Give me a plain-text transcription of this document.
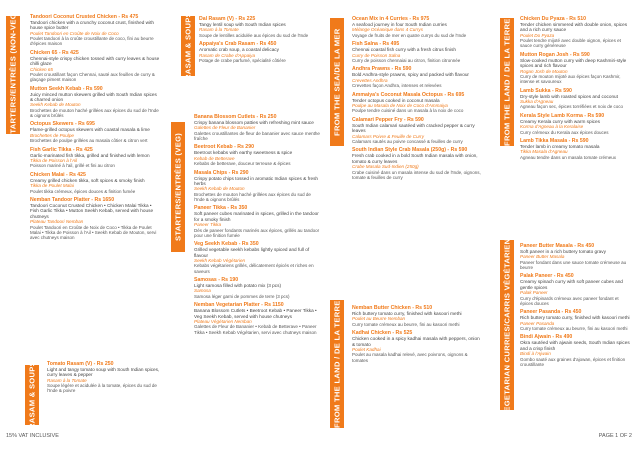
STARTERS/ENTRÉES (NON-VEG)	Tandoori Coconut Crusted Chicken - Rs 475
Tandoori chicken with a crunchy coconut crust, finished with house spice butter
Poulet Tandoori en Croûte de Noix de Coco
Poulet tandoori à la croûte croustillante de coco, fini au beurre d'épices maison
Chicken 65 - Rs 425
Chennai-style crispy chicken tossed with curry leaves & house chilli glaze
Chicken 65
Poulet croustillant façon Chennai, sauté aux feuilles de curry & glaçage piment maison
Mutton Seekh Kebab - Rs 590
Juicy minced mutton skewers grilled with South Indian spices & charred onion
Seekh Kebab de Mouton
Brochettes de mouton haché grillées aux épices du sud de l'Inde & oignons brûlés
Octopus Skewers - Rs 695
Flame-grilled octopus skewers with coastal masala & lime
Brochettes de Poulpe
Brochettes de poulpe grillées au masala côtier & citron vert
Fish Garlic Tikka - Rs 425
Garlic-marinated fish tikka, grilled and finished with lemon
Tikka de Poisson à l'Ail
Poisson mariné à l'ail, grillé et fini au citron
Chicken Malai - Rs 425
Creamy grilled chicken tikka, soft spices & smoky finish
Tikka de Poulet Malai
Poulet tikka crémeux, épices douces & finition fumée
Nemban Tandoor Platter - Rs 1650
Tandoori Coconut Crusted Chicken • Chicken Malai Tikka • Fish Garlic Tikka • Mutton Seekh Kebab, served with house chutneys
Plateau Tandoori Nemban
Poulet Tandoori en Croûte de Noix de Coco • Tikka de Poulet Malai • Tikka de Poisson à l'Ail • Seekh Kebab de Mouton, servi avec chutneys maison
RASAM & SOUPS	Tomato Rasam (V) - Rs 250
Light and tangy tomato soup with South Indian spices, curry leaves & pepper
Rasam à la Tomate
Soupe légère et acidulée à la tomate, épices du sud de l'Inde & poivre
RASAM & SOUPS	Dal Rasam (V) - Rs 225
Tangy lentil soup with South Indian spices
Rasam à la Tomate
Soupe de lentilles acidulée aux épices du sud de l'Inde
Appaiya's Crab Rasam - Rs 450
Aromatic crab soup, a coastal delicacy
Rasam de Crabe d'Appaiya
Potage de crabe parfumé, spécialité côtière
STARTERS/ENTRÉES (VEG)
Banana Blossom Cutlets - Rs 250
Crispy banana blossom patties with refreshing mint sauce
Galettes de Fleur de Bananier
Galettes croustillantes de fleur de bananier avec sauce menthe fraîche
Beetroot Kebab - Rs 290
Beetroot kebabs with earthy sweetness & spice
Kebab de Betterave
Kebabs de betterave, douceur terreuse & épices
Masala Chips - Rs 290
Crispy potato chips tossed in aromatic Indian spices & fresh herbs
Seekh Kebab de Mouton
Brochettes de mouton haché grillées aux épices du sud de l'Inde & oignons brûlés
Paneer Tikka - Rs 350
Soft paneer cubes marinated in spices, grilled in the tandoor for a smoky finish
Paneer Tikka
Dés de paneer fondants marinés aux épices, grillés au tandoor pour une finition fumée
Veg Seekh Kebab - Rs 350
Grilled vegetable seekh kebabs lightly spiced and full of flavour
Seekh Kebab Végétarien
Kebabs végétariens grillés, délicatement épicés et riches en saveurs
Samosas - Rs 190
Light samosa filled with potato mix (3 pcs)
Samosa
Samosa léger garni de pommes de terre (3 pcs)
Nemban Vegetarian Platter - Rs 1150
Banana Blossom Cutlets • Beetroot Kebab • Paneer Tikka • Veg Seekh Kebab, served with house chutneys
Plateau Végétarien Nemban
Galettes de Fleur de Bananier • Kebab de Betterave • Paneer Tikka • Seekh Kebab Végétarien, servi avec chutneys maison
FROM THE SEA/DE LA MER
Ocean Mix in 4 Curries - Rs 975
A seafood journey in four South Indian curries
Mélange Océanique dans 4 Currys
Voyage de fruits de mer en quatre currys du sud de l'Inde
Fish Salna - Rs 495
Chennai coastal fish curry with a fresh citrus finish
Curry de Poisson Salna
Curry de poisson chennaiai au citron, finition citronnée
Andhra Prawns - Rs 590
Bold Andhra-style prawns, spicy and packed with flavour
Crevettes Andhra
Crevettes façon Andhra, intenses et relevées
Ammaiya's Coconut Masala Octopus - Rs 695
Tender octopus cooked in coconut masala
Poulpe au Masala de Noix de Coco d'Ammaiya
Poulpe tendre cuisiné dans un masala à la noix de coco
Calamari Pepper Fry - Rs 590
South Indian calamari sautéed with cracked pepper & curry leaves
Calamars Poivre & Feuille de Curry
Calamars sautés au poivre concassé & feuilles de curry
South Indian Style Crab Masala (250g) - Rs 590
Fresh crab cooked in a bold South Indian masala with onion, tomato & curry leaves
Crabe Masala Sud-Indien (250g)
Crabe cuisiné dans un masala intense du sud de l'Inde, oignons, tomate & feuilles de curry
FROM THE LAND / DE LA TERRE	Nemban Butter Chicken - Rs 510
Rich buttery tomato curry, finished with kasoori methi
Poulet au Beurre Nemban
Curry tomate crémeux au beurre, fini au kasoori methi
Kadhai Chicken - Rs 525
Chicken cooked in a spicy kadhai masala with peppers, onion & tomato
Poulet Kadhai
Poulet au masala kadhai relevé, avec poivrons, oignons & tomates
FROM THE LAND / DE LA TERRE	Chicken Du Pyaza - Rs 510
Tender chicken simmered with double onion, spices and a rich curry sauce
Poulet Do Pyaza
Poulet tendre mijoté avec double oignon, épices et sauce curry généreuse
Mutton Rogan Josh - Rs 590
Slow-cooked mutton curry with deep Kashmiri-style spices and rich flavour
Rogan Josh de Mouton
Curry de mouton mijoté aux épices façon Kashmir, intense et savoureux
Lamb Sukka - Rs 590
Dry-style lamb with roasted spices and coconut
Sukka d'Agneau
Agneau façon sec, épices torréfiées et noix de coco
Kerala Style Lamb Korma - Rs 590
Creamy Kerala curry with warm spices
Korma d'Agneau à la Keralaise
Curry crémeux du Kerala aux épices douces
Lamb Tikka Masala - Rs 590
Tender lamb in creamy tomato masala
Tikka Masala d'Agneau
Agneau tendre dans un masala tomate crémeux
VEGETARIAN CURRIES/CARRIS VÉGÉTARIENS	Paneer Butter Masala - Rs 450
Soft paneer in a rich buttery tomato gravy
Paneer Butter Masala
Paneer fondant dans une sauce tomate crémeuse au beurre
Palak Paneer - Rs 450
Creamy spinach curry with soft paneer cubes and gentle spices
Palak Paneer
Curry d'épinards crémeux avec paneer fondant et épices douces
Paneer Pasanda - Rs 450
Rich buttery tomato curry, finished with kasoori methi
Paneer Pasanda
Curry tomate crémeux au beurre, fini au kasoori methi
Bindi Ajwain - Rs 490
Okra sautéed with ajwain seeds, South Indian spices and a crisp finish
Bindi à l'Ajwain
Gombo sauté aux graines d'ajowan, épices et finition croustillante
15% VAT INCLUSIVE	PAGE 1 OF 2
